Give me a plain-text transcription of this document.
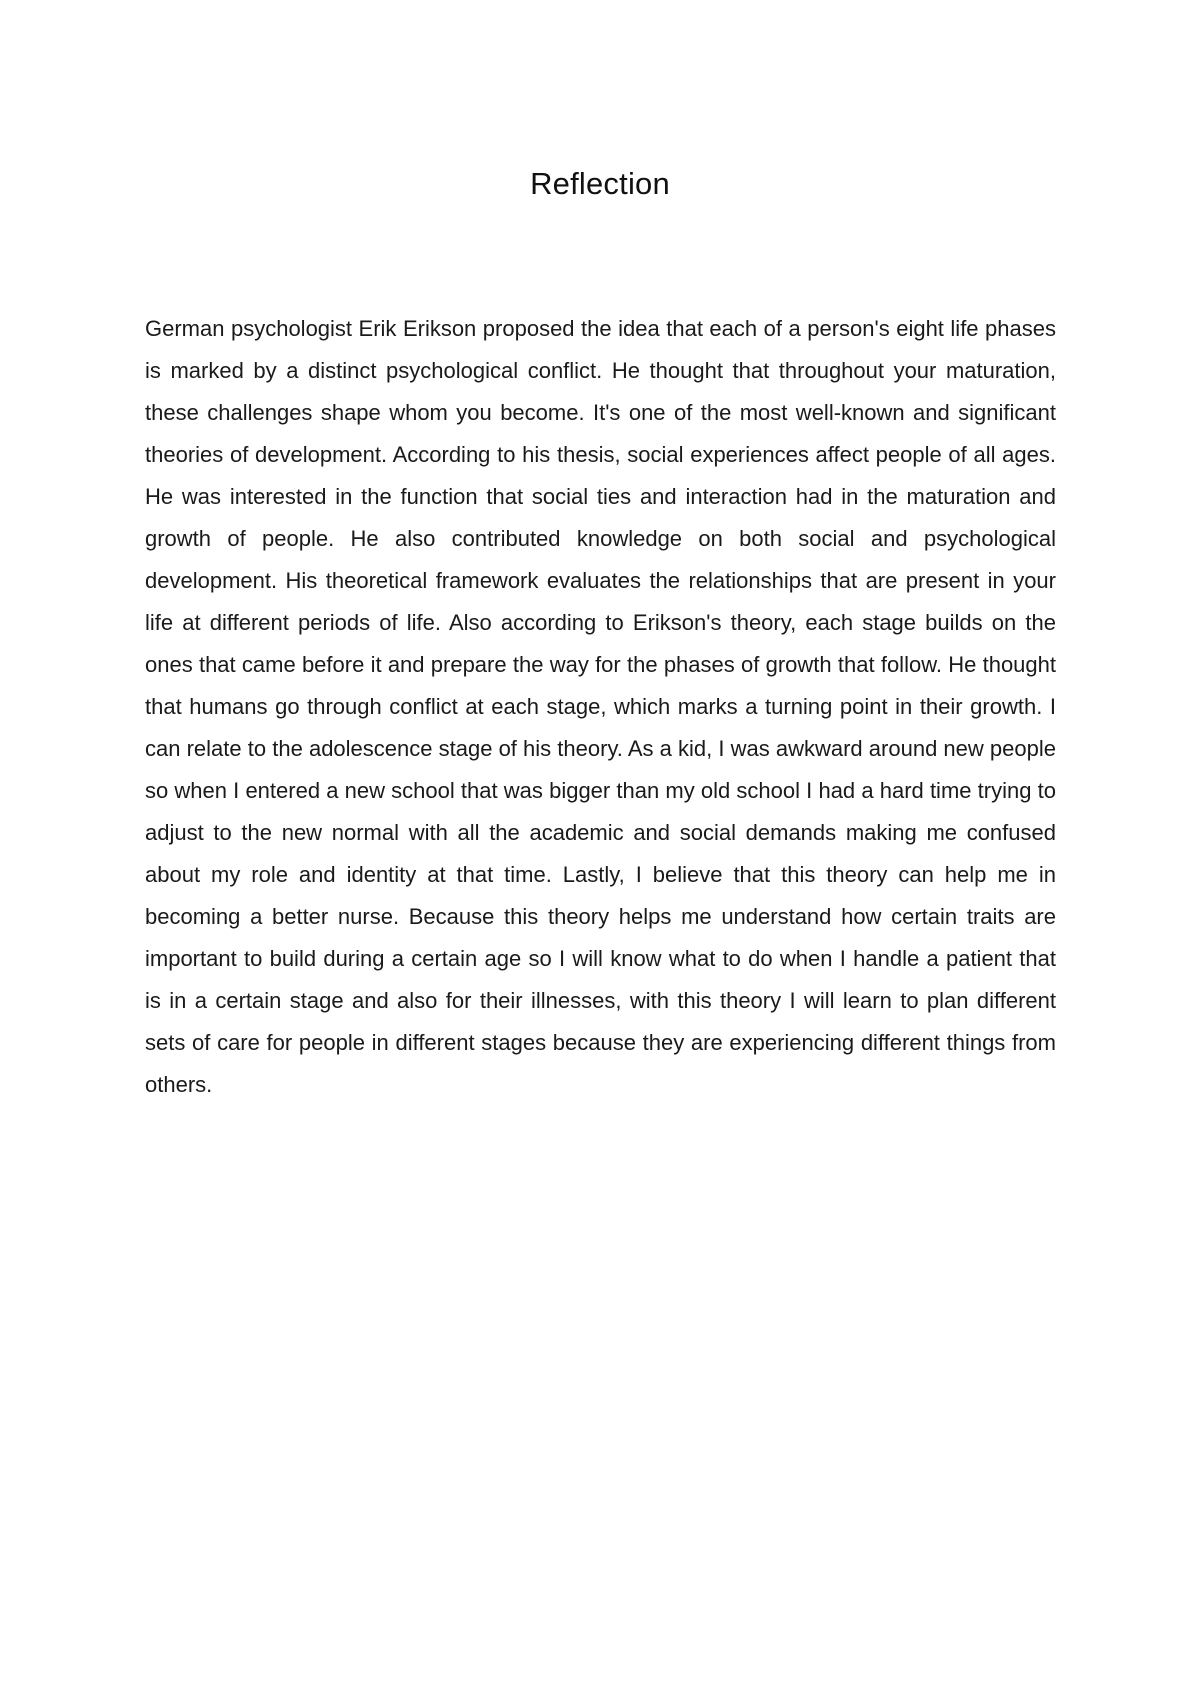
Reflection

German psychologist Erik Erikson proposed the idea that each of a person's eight life phases is marked by a distinct psychological conflict. He thought that throughout your maturation, these challenges shape whom you become. It's one of the most well-known and significant theories of development. According to his thesis, social experiences affect people of all ages. He was interested in the function that social ties and interaction had in the maturation and growth of people. He also contributed knowledge on both social and psychological development. His theoretical framework evaluates the relationships that are present in your life at different periods of life. Also according to Erikson's theory, each stage builds on the ones that came before it and prepare the way for the phases of growth that follow. He thought that humans go through conflict at each stage, which marks a turning point in their growth. I can relate to the adolescence stage of his theory. As a kid, I was awkward around new people so when I entered a new school that was bigger than my old school I had a hard time trying to adjust to the new normal with all the academic and social demands making me confused about my role and identity at that time. Lastly, I believe that this theory can help me in becoming a better nurse. Because this theory helps me understand how certain traits are important to build during a certain age so I will know what to do when I handle a patient that is in a certain stage and also for their illnesses, with this theory I will learn to plan different sets of care for people in different stages because they are experiencing different things from others.
